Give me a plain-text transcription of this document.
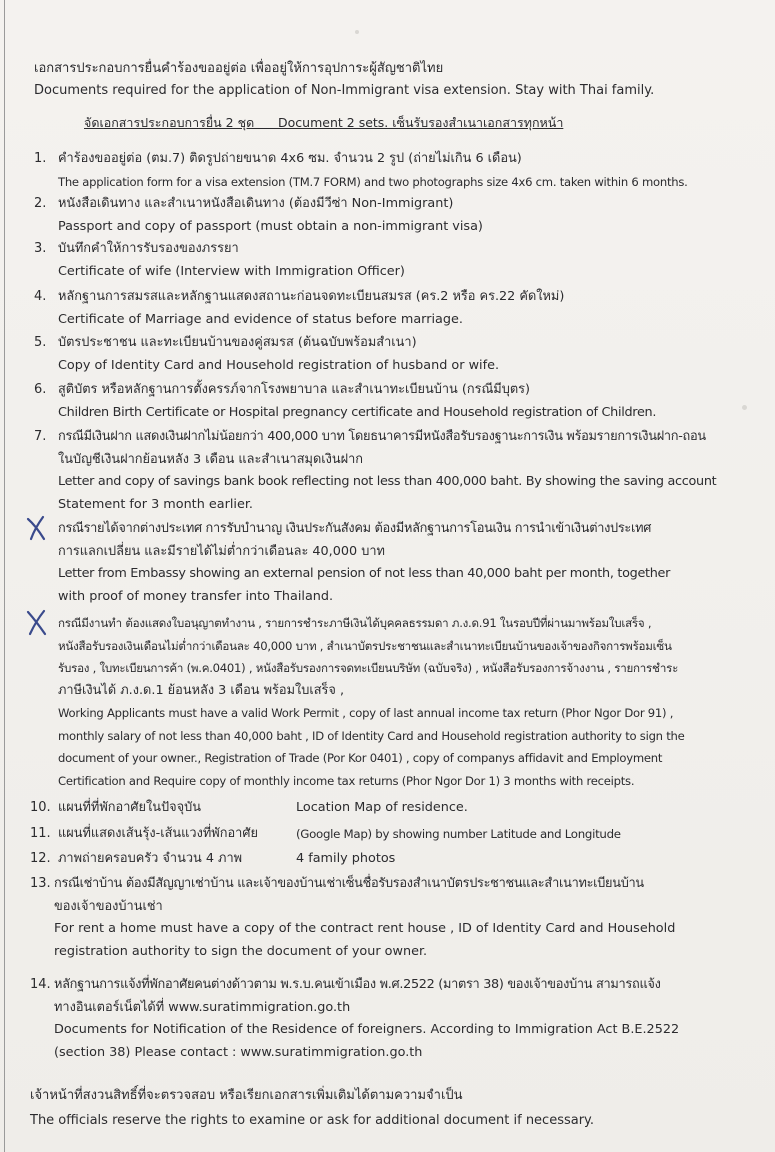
เอกสารประกอบการยื่นคำร้องขออยู่ต่อ เพื่ออยู่ให้การอุปการะผู้สัญชาติไทย
Documents required for the application of Non-Immigrant visa extension. Stay with Thai family.
จัดเอกสารประกอบการยื่น 2 ชุด      Document 2 sets. เซ็นรับรองสำเนาเอกสารทุกหน้า
1. คำร้องขออยู่ต่อ (ตม.7) ติดรูปถ่ายขนาด 4x6 ซม. จำนวน 2 รูป (ถ่ายไม่เกิน 6 เดือน)
The application form for a visa extension (TM.7 FORM) and two photographs size 4x6 cm. taken within 6 months.
2. หนังสือเดินทาง และสำเนาหนังสือเดินทาง (ต้องมีวีซ่า Non-Immigrant)
Passport and copy of passport (must obtain a non-immigrant visa)
3. บันทึกคำให้การรับรองของภรรยา
Certificate of wife (Interview with Immigration Officer)
4. หลักฐานการสมรสและหลักฐานแสดงสถานะก่อนจดทะเบียนสมรส (คร.2 หรือ คร.22 คัดใหม่)
Certificate of Marriage and evidence of status before marriage.
5. บัตรประชาชน และทะเบียนบ้านของคู่สมรส (ต้นฉบับพร้อมสำเนา)
Copy of Identity Card and Household registration of husband or wife.
6. สูติบัตร หรือหลักฐานการตั้งครรภ์จากโรงพยาบาล และสำเนาทะเบียนบ้าน (กรณีมีบุตร)
Children Birth Certificate or Hospital pregnancy certificate and Household registration of Children.
7. กรณีมีเงินฝาก แสดงเงินฝากไม่น้อยกว่า 400,000 บาท โดยธนาคารมีหนังสือรับรองฐานะการเงิน พร้อมรายการเงินฝาก-ถอน
ในบัญชีเงินฝากย้อนหลัง 3 เดือน และสำเนาสมุดเงินฝาก
Letter and copy of savings bank book reflecting not less than 400,000 baht. By showing the saving account
Statement for 3 month earlier.
กรณีรายได้จากต่างประเทศ การรับบำนาญ เงินประกันสังคม ต้องมีหลักฐานการโอนเงิน การนำเข้าเงินต่างประเทศ
การแลกเปลี่ยน และมีรายได้ไม่ต่ำกว่าเดือนละ 40,000 บาท
Letter from Embassy showing an external pension of not less than 40,000 baht per month, together
with proof of money transfer into Thailand.
กรณีมีงานทำ ต้องแสดงใบอนุญาตทำงาน , รายการชำระภาษีเงินได้บุคคลธรรมดา ภ.ง.ด.91 ในรอบปีที่ผ่านมาพร้อมใบเสร็จ ,
หนังสือรับรองเงินเดือนไม่ต่ำกว่าเดือนละ 40,000 บาท , สำเนาบัตรประชาชนและสำเนาทะเบียนบ้านของเจ้าของกิจการพร้อมเซ็น
รับรอง , ใบทะเบียนการค้า (พ.ค.0401) , หนังสือรับรองการจดทะเบียนบริษัท (ฉบับจริง) , หนังสือรับรองการจ้างงาน , รายการชำระ
ภาษีเงินได้ ภ.ง.ด.1 ย้อนหลัง 3 เดือน พร้อมใบเสร็จ ,
Working Applicants must have a valid Work Permit , copy of last annual income tax return (Phor Ngor Dor 91) ,
monthly salary of not less than 40,000 baht , ID of Identity Card and Household registration authority to sign the
document of your owner., Registration of Trade (Por Kor 0401) , copy of companys affidavit and Employment
Certification and Require copy of monthly income tax returns (Phor Ngor Dor 1) 3 months with receipts.
10. แผนที่ที่พักอาศัยในปัจจุบัน	Location Map of residence.
11. แผนที่แสดงเส้นรุ้ง-เส้นแวงที่พักอาศัย	(Google Map) by showing number Latitude and Longitude
12. ภาพถ่ายครอบครัว จำนวน 4 ภาพ	4 family photos
13. กรณีเช่าบ้าน ต้องมีสัญญาเช่าบ้าน และเจ้าของบ้านเช่าเซ็นชื่อรับรองสำเนาบัตรประชาชนและสำเนาทะเบียนบ้าน
ของเจ้าของบ้านเช่า
For rent a home must have a copy of the contract rent house , ID of Identity Card and Household
registration authority to sign the document of your owner.
14. หลักฐานการแจ้งที่พักอาศัยคนต่างด้าวตาม พ.ร.บ.คนเข้าเมือง พ.ศ.2522 (มาตรา 38) ของเจ้าของบ้าน สามารถแจ้ง
ทางอินเตอร์เน็ตได้ที่ www.suratimmigration.go.th
Documents for Notification of the Residence of foreigners. According to Immigration Act B.E.2522
(section 38) Please contact : www.suratimmigration.go.th
เจ้าหน้าที่สงวนสิทธิ์ที่จะตรวจสอบ หรือเรียกเอกสารเพิ่มเติมได้ตามความจำเป็น
The officials reserve the rights to examine or ask for additional document if necessary.
